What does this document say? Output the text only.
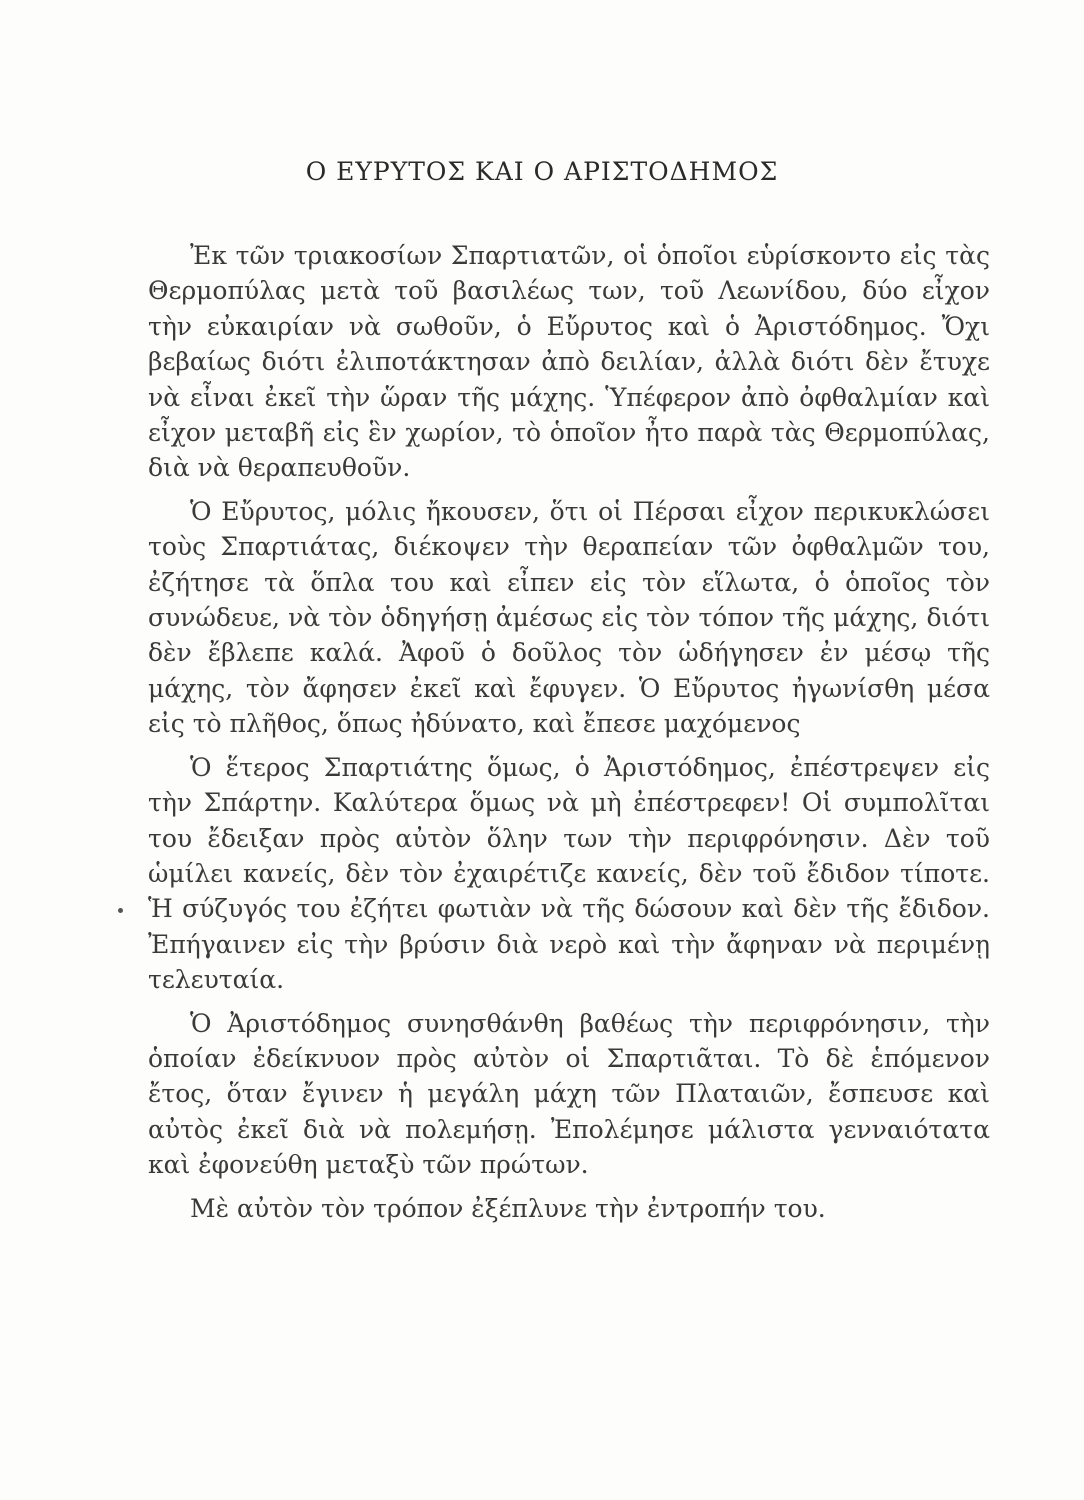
Ο ΕΥΡΥΤΟΣ ΚΑΙ Ο ΑΡΙΣΤΟΔΗΜΟΣ

Ἐκ τῶν τριακοσίων Σπαρτιατῶν, οἱ ὁποῖοι εὑρίσκοντο εἰς τὰς Θερμοπύλας μετὰ τοῦ βασιλέως των, τοῦ Λεωνίδου, δύο εἶχον τὴν εὐκαιρίαν νὰ σωθοῦν, ὁ Εὔρυτος καὶ ὁ Ἀριστόδημος. Ὄχι βεβαίως διότι ἐλιποτάκτησαν ἀπὸ δειλίαν, ἀλλὰ διότι δὲν ἔτυχε νὰ εἶναι ἐκεῖ τὴν ὥραν τῆς μάχης. Ὑπέφερον ἀπὸ ὀφθαλμίαν καὶ εἶχον μεταβῆ εἰς ἓν χωρίον, τὸ ὁποῖον ἦτο παρὰ τὰς Θερμοπύλας, διὰ νὰ θεραπευθοῦν.

Ὁ Εὔρυτος, μόλις ἤκουσεν, ὅτι οἱ Πέρσαι εἶχον περικυκλώσει τοὺς Σπαρτιάτας, διέκοψεν τὴν θεραπείαν τῶν ὀφθαλμῶν του, ἐζήτησε τὰ ὅπλα του καὶ εἶπεν εἰς τὸν εἵλωτα, ὁ ὁποῖος τὸν συνώδευε, νὰ τὸν ὁδηγήσῃ ἀμέσως εἰς τὸν τόπον τῆς μάχης, διότι δὲν ἔβλεπε καλά. Ἀφοῦ ὁ δοῦλος τὸν ὡδήγησεν ἐν μέσῳ τῆς μάχης, τὸν ἄφησεν ἐκεῖ καὶ ἔφυγεν. Ὁ Εὔρυτος ἠγωνίσθη μέσα εἰς τὸ πλῆθος, ὅπως ἠδύνατο, καὶ ἔπεσε μαχόμενος

Ὁ ἕτερος Σπαρτιάτης ὅμως, ὁ Ἀριστόδημος, ἐπέστρεψεν εἰς τὴν Σπάρτην. Καλύτερα ὅμως νὰ μὴ ἐπέστρεφεν! Οἱ συμπολῖται του ἔδειξαν πρὸς αὐτὸν ὅλην των τὴν περιφρόνησιν. Δὲν τοῦ ὡμίλει κανείς, δὲν τὸν ἐχαιρέτιζε κανείς, δὲν τοῦ ἔδιδον τίποτε. Ἡ σύζυγός του ἐζήτει φωτιὰν νὰ τῆς δώσουν καὶ δὲν τῆς ἔδιδον. Ἐπήγαινεν εἰς τὴν βρύσιν διὰ νερὸ καὶ τὴν ἄφηναν νὰ περιμένῃ τελευταία.

Ὁ Ἀριστόδημος συνησθάνθη βαθέως τὴν περιφρόνησιν, τὴν ὁποίαν ἐδείκνυον πρὸς αὐτὸν οἱ Σπαρτιᾶται. Τὸ δὲ ἑπόμενον ἔτος, ὅταν ἔγινεν ἡ μεγάλη μάχη τῶν Πλαταιῶν, ἔσπευσε καὶ αὐτὸς ἐκεῖ διὰ νὰ πολεμήσῃ. Ἐπολέμησε μάλιστα γενναιότατα καὶ ἐφονεύθη μεταξὺ τῶν πρώτων.

Μὲ αὐτὸν τὸν τρόπον ἐξέπλυνε τὴν ἐντροπήν του.
